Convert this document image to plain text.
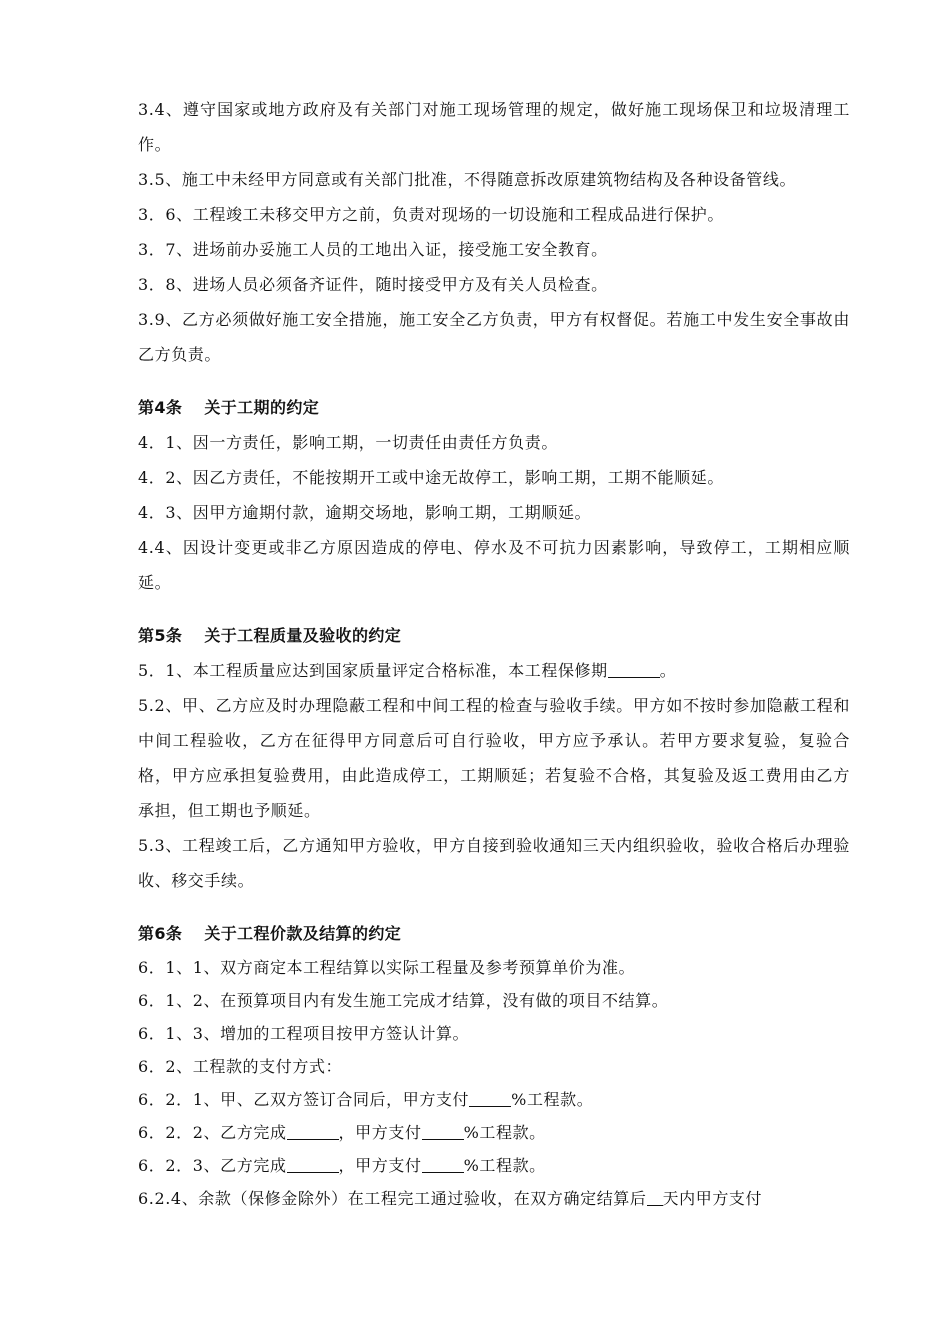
3.4、遵守国家或地方政府及有关部门对施工现场管理的规定，做好施工现场保卫和垃圾清理工作。
3.5、施工中未经甲方同意或有关部门批准，不得随意拆改原建筑物结构及各种设备管线。
3．6、工程竣工未移交甲方之前，负责对现场的一切设施和工程成品进行保护。
3．7、进场前办妥施工人员的工地出入证，接受施工安全教育。
3．8、进场人员必须备齐证件，随时接受甲方及有关人员检查。
3.9、乙方必须做好施工安全措施，施工安全乙方负责，甲方有权督促。若施工中发生安全事故由乙方负责。
第4条 关于工期的约定
4．1、因一方责任，影响工期，一切责任由责任方负责。
4．2、因乙方责任，不能按期开工或中途无故停工，影响工期，工期不能顺延。
4．3、因甲方逾期付款，逾期交场地，影响工期，工期顺延。
4.4、因设计变更或非乙方原因造成的停电、停水及不可抗力因素影响，导致停工，工期相应顺延。
第5条 关于工程质量及验收的约定
5．1、本工程质量应达到国家质量评定合格标准，本工程保修期	。
5.2、甲、乙方应及时办理隐蔽工程和中间工程的检查与验收手续。甲方如不按时参加隐蔽工程和中间工程验收，乙方在征得甲方同意后可自行验收，甲方应予承认。若甲方要求复验，复验合格，甲方应承担复验费用，由此造成停工，工期顺延；若复验不合格，其复验及返工费用由乙方承担，但工期也予顺延。
5.3、工程竣工后，乙方通知甲方验收，甲方自接到验收通知三天内组织验收，验收合格后办理验收、移交手续。
第6条 关于工程价款及结算的约定
6．1、1、双方商定本工程结算以实际工程量及参考预算单价为准。
6．1、2、在预算项目内有发生施工完成才结算，没有做的项目不结算。
6．1、3、增加的工程项目按甲方签认计算。
6．2、工程款的支付方式：
6．2．1、甲、乙双方签订合同后，甲方支付	%工程款。
6．2．2、乙方完成	，甲方支付	%工程款。
6．2．3、乙方完成	，甲方支付	%工程款。
6.2.4、余款（保修金除外）在工程完工通过验收，在双方确定结算后 天内甲方支付
